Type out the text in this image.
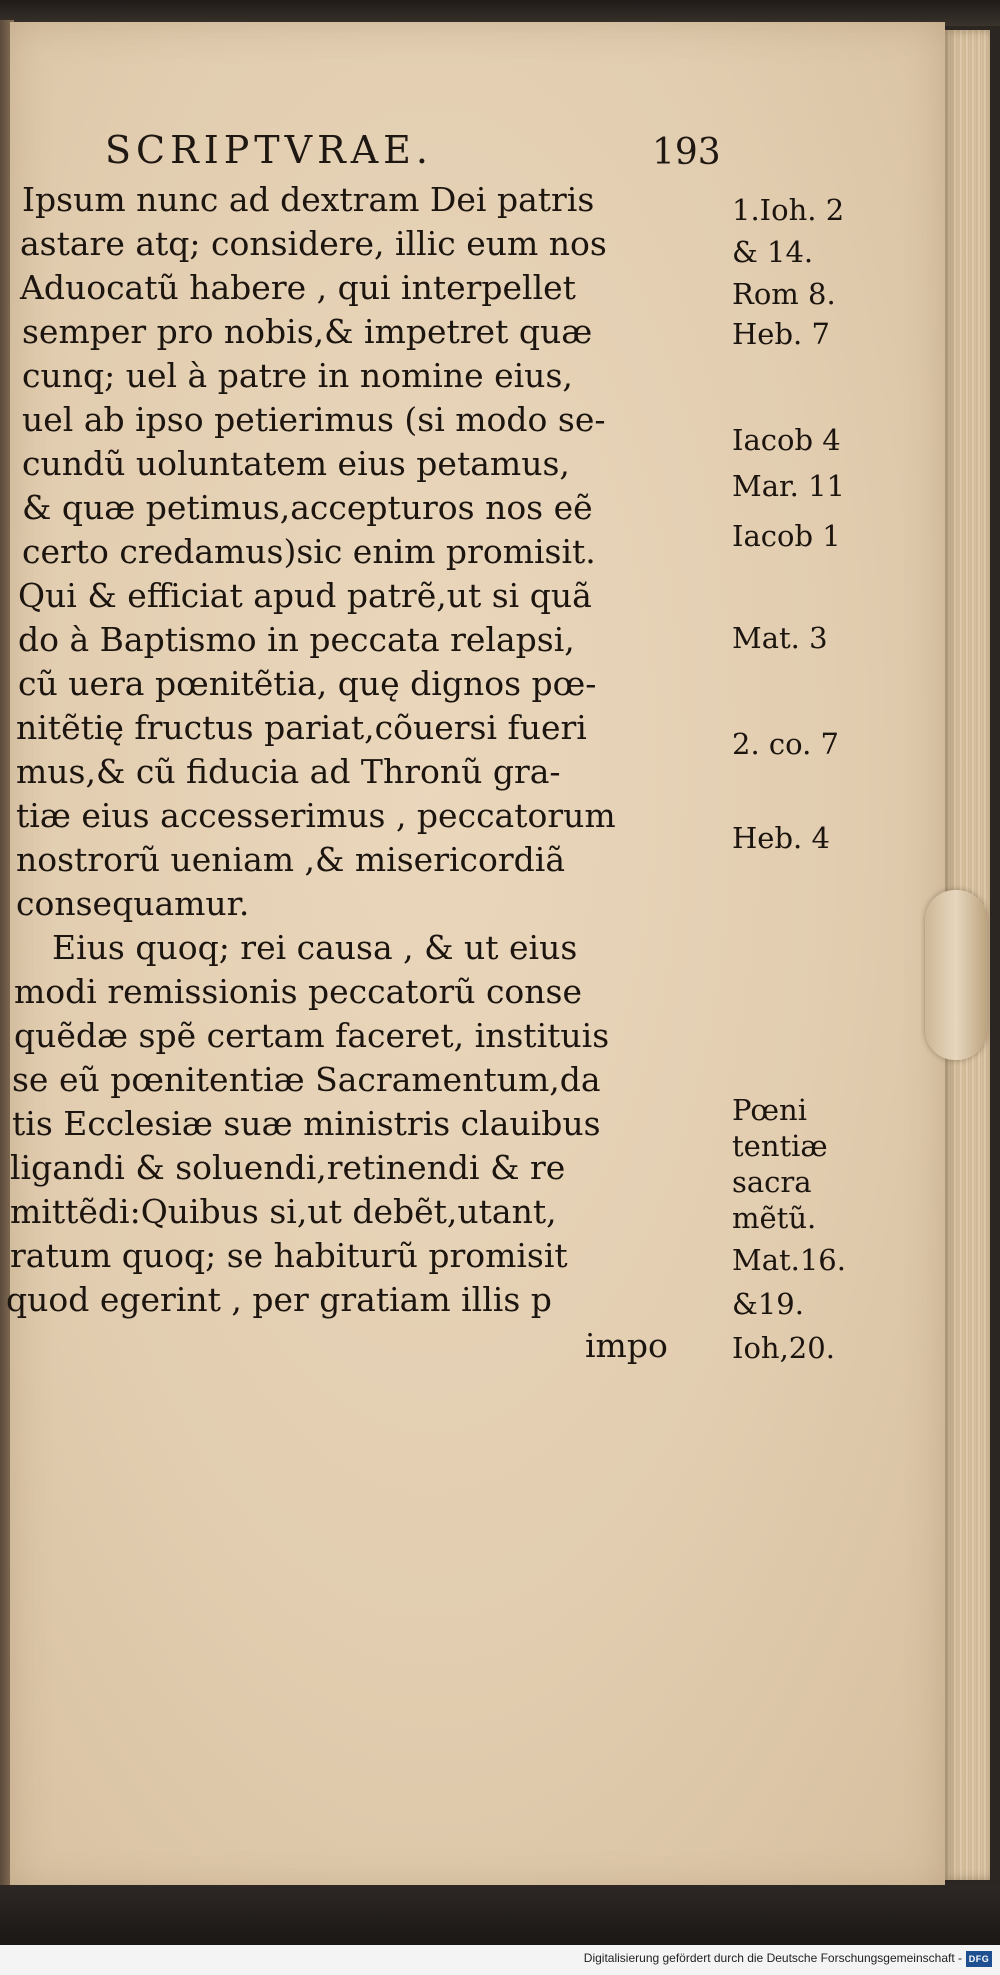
SCRIPTVRAE.	193
Ipsum nunc ad dextram Dei patris
astare atq; considere, illic eum nos
Aduocatũ habere , qui interpellet
semper pro nobis,& impetret quæ
cunq; uel à patre in nomine eius,
uel ab ipso petierimus (si modo se-
cundũ uoluntatem eius petamus,
& quæ petimus,accepturos nos eẽ
certo credamus)sic enim promisit.
Qui & efficiat apud patrẽ,ut si quã
do à Baptismo in peccata relapsi,
cũ uera pœnitẽtia, quę dignos pœ-
nitẽtię fructus pariat,cõuersi fueri
mus,& cũ fiducia ad Thronũ gra-
tiæ eius accesserimus , peccatorum
nostrorũ ueniam ,& misericordiã
consequamur.
Eius quoq; rei causa , & ut eius
modi remissionis peccatorũ conse
quẽdæ spẽ certam faceret, instituis
se eũ pœnitentiæ Sacramentum,da
tis Ecclesiæ suæ ministris clauibus
ligandi & soluendi,retinendi & re
mittẽdi:Quibus si,ut debẽt,utant,
ratum quoq; se habiturũ promisit
quod egerint , per gratiam illis p
impo
1.Ioh. 2
& 14.
Rom 8.
Heb. 7
Iacob 4
Mar. 11
Iacob 1
Mat. 3
2. co. 7
Heb. 4
Pœni
tentiæ
sacra
mẽtũ.
Mat.16.
&19.
Ioh,20.
Digitalisierung gefördert durch die Deutsche Forschungsgemeinschaft - DFG
